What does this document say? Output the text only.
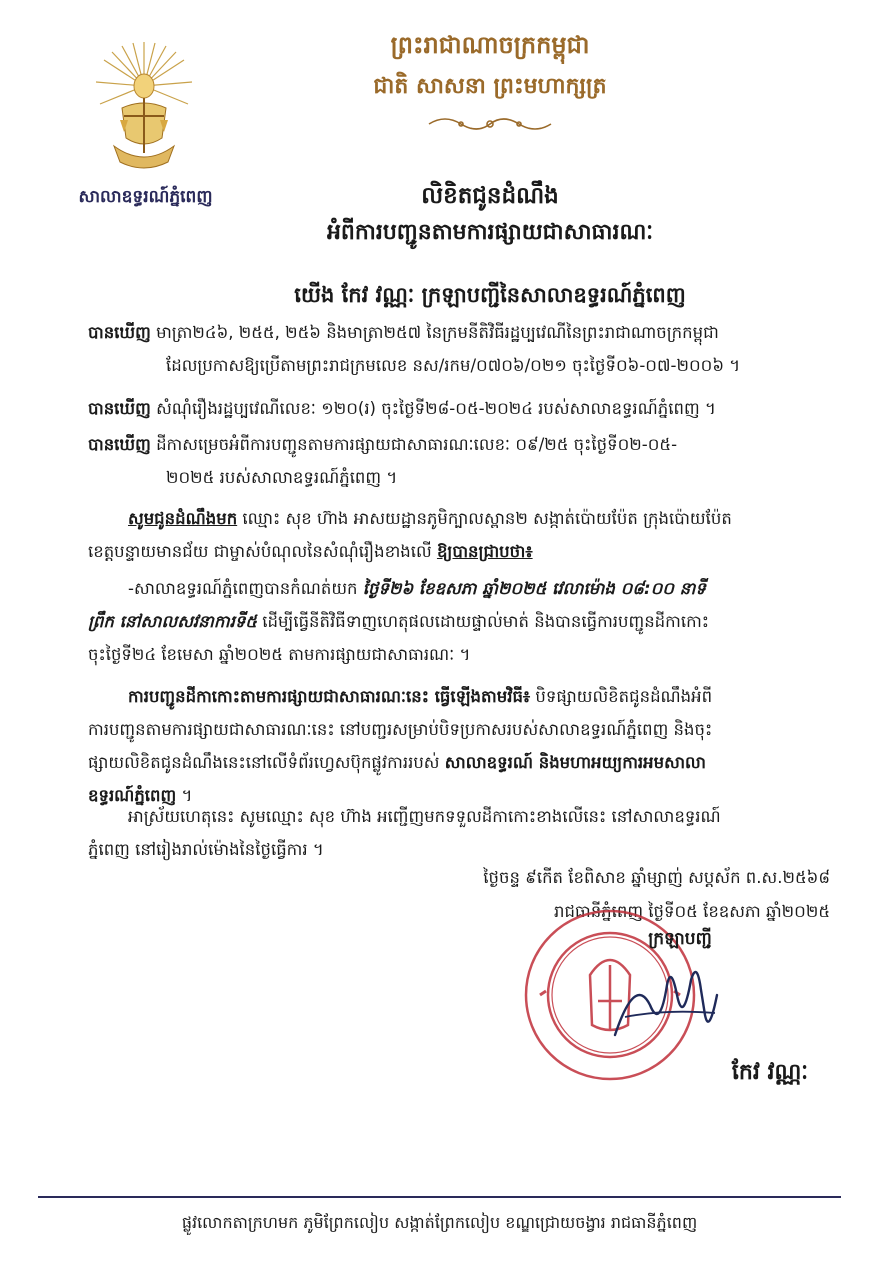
សាលាឧទ្ធរណ៍ភ្នំពេញ
ព្រះរាជាណាចក្រកម្ពុជា
ជាតិ សាសនា ព្រះមហាក្សត្រ
លិខិតជូនដំណឹង
អំពីការបញ្ជូនតាមការផ្សាយជាសាធារណៈ
យើង កែវ វណ្ណៈ ក្រឡាបញ្ជីនៃសាលាឧទ្ធរណ៍ភ្នំពេញ
បានឃើញ មាត្រា២៤៦, ២៥៥, ២៥៦ និងមាត្រា២៥៧ នៃក្រមនីតិវិធីរដ្ឋប្បវេណីនៃព្រះរាជាណាចក្រកម្ពុជា
ដែលប្រកាសឱ្យប្រើតាមព្រះរាជក្រមលេខ នស/រកម/០៧០៦/០២១ ចុះថ្ងៃទី០៦-០៧-២០០៦ ។
បានឃើញ សំណុំរឿងរដ្ឋប្បវេណីលេខៈ ១២០(រ) ចុះថ្ងៃទី២៨-០៥-២០២៤ របស់សាលាឧទ្ធរណ៍ភ្នំពេញ ។
បានឃើញ ដីកាសម្រេចអំពីការបញ្ជូនតាមការផ្សាយជាសាធារណៈលេខៈ ០៩/២៥ ចុះថ្ងៃទី០២-០៥-
២០២៥ របស់សាលាឧទ្ធរណ៍ភ្នំពេញ ។
សូមជូនដំណឹងមក ឈ្មោះ សុខ ហ៊ាង អាសយដ្ឋានភូមិក្បាលស្ពាន២ សង្កាត់ប៉ោយប៉ែត ក្រុងប៉ោយប៉ែត
ខេត្តបន្ទាយមានជ័យ ជាម្ចាស់បំណុលនៃសំណុំរឿងខាងលើ ឱ្យបានជ្រាបថា៖
-សាលាឧទ្ធរណ៍ភ្នំពេញបានកំណត់យក ថ្ងៃទី២៦ ខែឧសភា ឆ្នាំ២០២៥ វេលាម៉ោង ០៨:០០ នាទី
ព្រឹក នៅសាលសវនាការទី៥ ដើម្បីធ្វើនីតិវិធីទាញហេតុផលដោយផ្ទាល់មាត់ និងបានធ្វើការបញ្ជូនដីកាកោះ
ចុះថ្ងៃទី២៤ ខែមេសា ឆ្នាំ២០២៥ តាមការផ្សាយជាសាធារណៈ ។
ការបញ្ជូនដីកាកោះតាមការផ្សាយជាសាធារណៈនេះ ធ្វើឡើងតាមវិធី៖ បិទផ្សាយលិខិតជូនដំណឹងអំពី
ការបញ្ជូនតាមការផ្សាយជាសាធារណៈនេះ នៅបញ្ជរសម្រាប់បិទប្រកាសរបស់សាលាឧទ្ធរណ៍ភ្នំពេញ និងចុះ
ផ្សាយលិខិតជូនដំណឹងនេះនៅលើទំព័រហ្វេសប៊ុកផ្លូវការរបស់ សាលាឧទ្ធរណ៍ និងមហាអយ្យការអមសាលា
ឧទ្ធរណ៍ភ្នំពេញ ។
អាស្រ័យហេតុនេះ សូមឈ្មោះ សុខ ហ៊ាង អញ្ជើញមកទទួលដីកាកោះខាងលើនេះ នៅសាលាឧទ្ធរណ៍
ភ្នំពេញ នៅរៀងរាល់ម៉ោងនៃថ្ងៃធ្វើការ ។
ថ្ងៃចន្ទ ៩កើត ខែពិសាខ ឆ្នាំម្សាញ់ សប្តស័ក ព.ស.២៥៦៨
រាជធានីភ្នំពេញ ថ្ងៃទី០៥ ខែឧសភា ឆ្នាំ២០២៥
ក្រឡាបញ្ជី
កែវ វណ្ណៈ
ផ្លូវលោកតាក្រហមក ភូមិព្រែកលៀប សង្កាត់ព្រែកលៀប ខណ្ឌជ្រោយចង្វារ រាជធានីភ្នំពេញ
